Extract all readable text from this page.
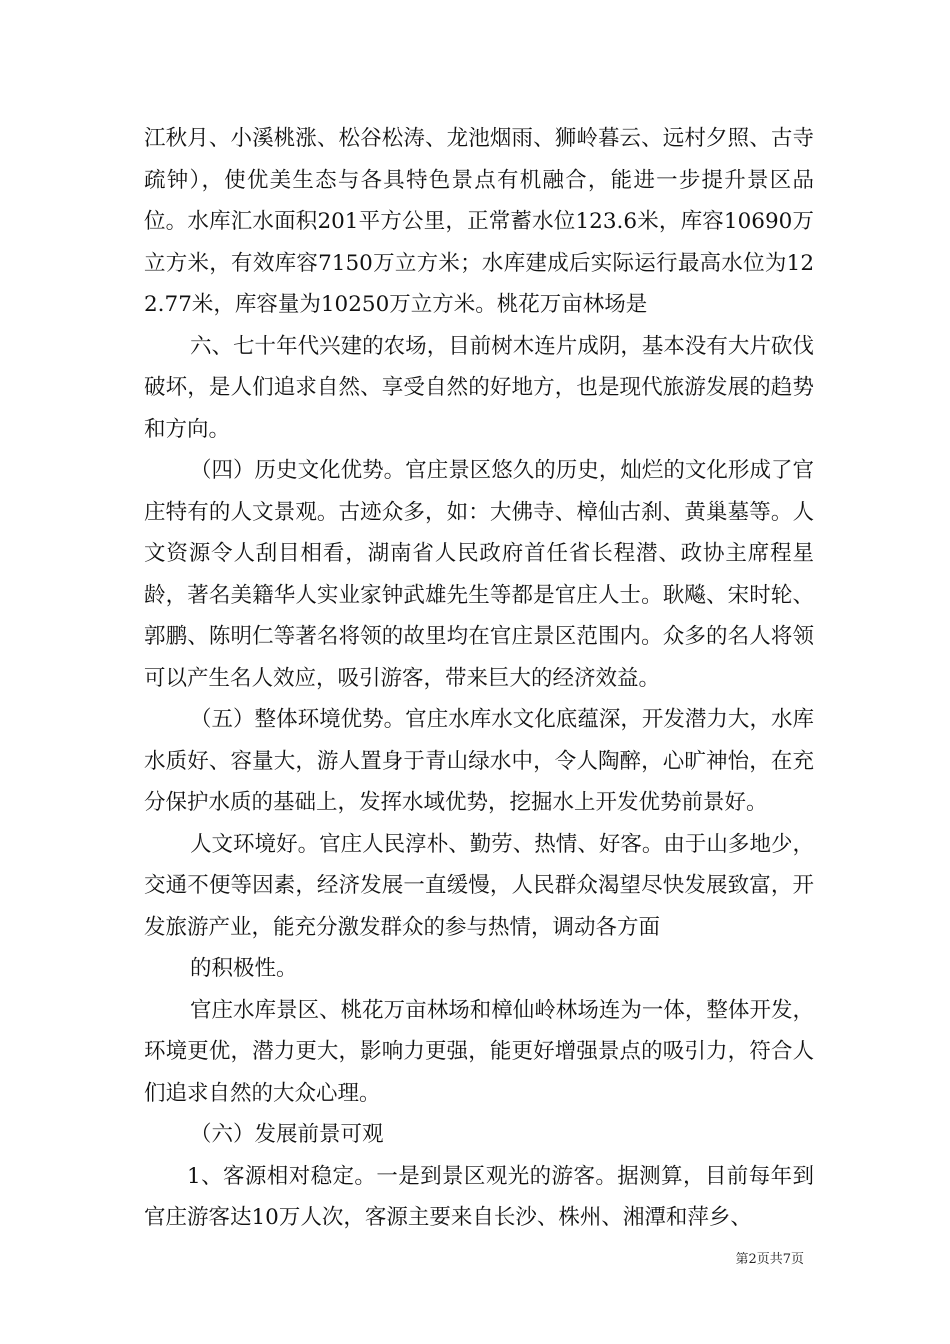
江秋月、小溪桃涨、松谷松涛、龙池烟雨、狮岭暮云、远村夕照、古寺疏钟），使优美生态与各具特色景点有机融合，能进一步提升景区品位。水库汇水面积201平方公里，正常蓄水位123.6米，库容10690万立方米，有效库容7150万立方米；水库建成后实际运行最高水位为122.77米，库容量为10250万立方米。桃花万亩林场是

六、七十年代兴建的农场，目前树木连片成阴，基本没有大片砍伐破坏，是人们追求自然、享受自然的好地方，也是现代旅游发展的趋势和方向。

（四）历史文化优势。官庄景区悠久的历史，灿烂的文化形成了官庄特有的人文景观。古迹众多，如：大佛寺、樟仙古刹、黄巢墓等。人文资源令人刮目相看，湖南省人民政府首任省长程潜、政协主席程星龄，著名美籍华人实业家钟武雄先生等都是官庄人士。耿飚、宋时轮、郭鹏、陈明仁等著名将领的故里均在官庄景区范围内。众多的名人将领可以产生名人效应，吸引游客，带来巨大的经济效益。

（五）整体环境优势。官庄水库水文化底蕴深，开发潜力大，水库水质好、容量大，游人置身于青山绿水中，令人陶醉，心旷神怡，在充分保护水质的基础上，发挥水域优势，挖掘水上开发优势前景好。

人文环境好。官庄人民淳朴、勤劳、热情、好客。由于山多地少，交通不便等因素，经济发展一直缓慢，人民群众渴望尽快发展致富，开发旅游产业，能充分激发群众的参与热情，调动各方面

的积极性。

官庄水库景区、桃花万亩林场和樟仙岭林场连为一体，整体开发，环境更优，潜力更大，影响力更强，能更好增强景点的吸引力，符合人们追求自然的大众心理。

（六）发展前景可观

1、客源相对稳定。一是到景区观光的游客。据测算，目前每年到官庄游客达10万人次，客源主要来自长沙、株州、湘潭和萍乡、

第2页共7页
